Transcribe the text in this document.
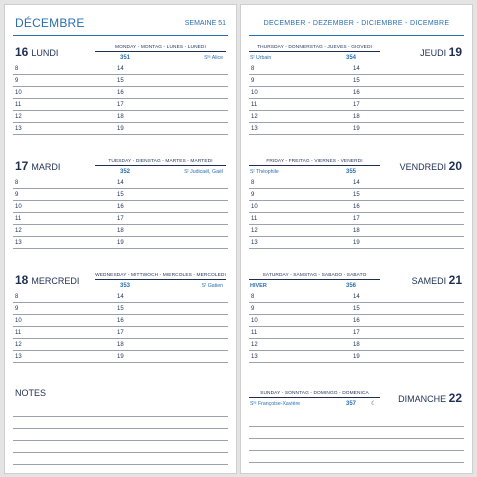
DÉCEMBRE	SEMAINE 51
16 LUNDI
MONDAY - MONTAG - LUNES - LUNEDÌ
351	Sᵗᵉ Alice
8	14
9	15
10	16
11	17
12	18
13	19
17 MARDI
TUESDAY - DIENSTAG - MARTES - MARTEDÌ
352	Sᵗ Judicaël, Gaël
8	14
9	15
10	16
11	17
12	18
13	19
18 MERCREDI
WEDNESDAY - MITTWOCH - MIÉRCOLES - MERCOLEDÌ
353	Sᵗ Gatien
8	14
9	15
10	16
11	17
12	18
13	19
NOTES
DECEMBER - DEZEMBER - DICIEMBRE - DICEMBRE
JEUDI 19
THURSDAY - DONNERSTAG - JUEVES - GIOVEDÌ
Sᵗ Urbain	354
8	14
9	15
10	16
11	17
12	18
13	19
VENDREDI 20
FRIDAY - FREITAG - VIERNES - VENERDÌ
Sᵗ Théophile	355
8	14
9	15
10	16
11	17
12	18
13	19
SAMEDI 21
SATURDAY - SAMSTAG - SÁBADO - SABATO
HIVER	356
8	14
9	15
10	16
11	17
12	18
13	19
DIMANCHE 22
SUNDAY - SONNTAG - DOMINGO - DOMENICA
Sᵗᵉ Françoise-Xavière	357 ☾
